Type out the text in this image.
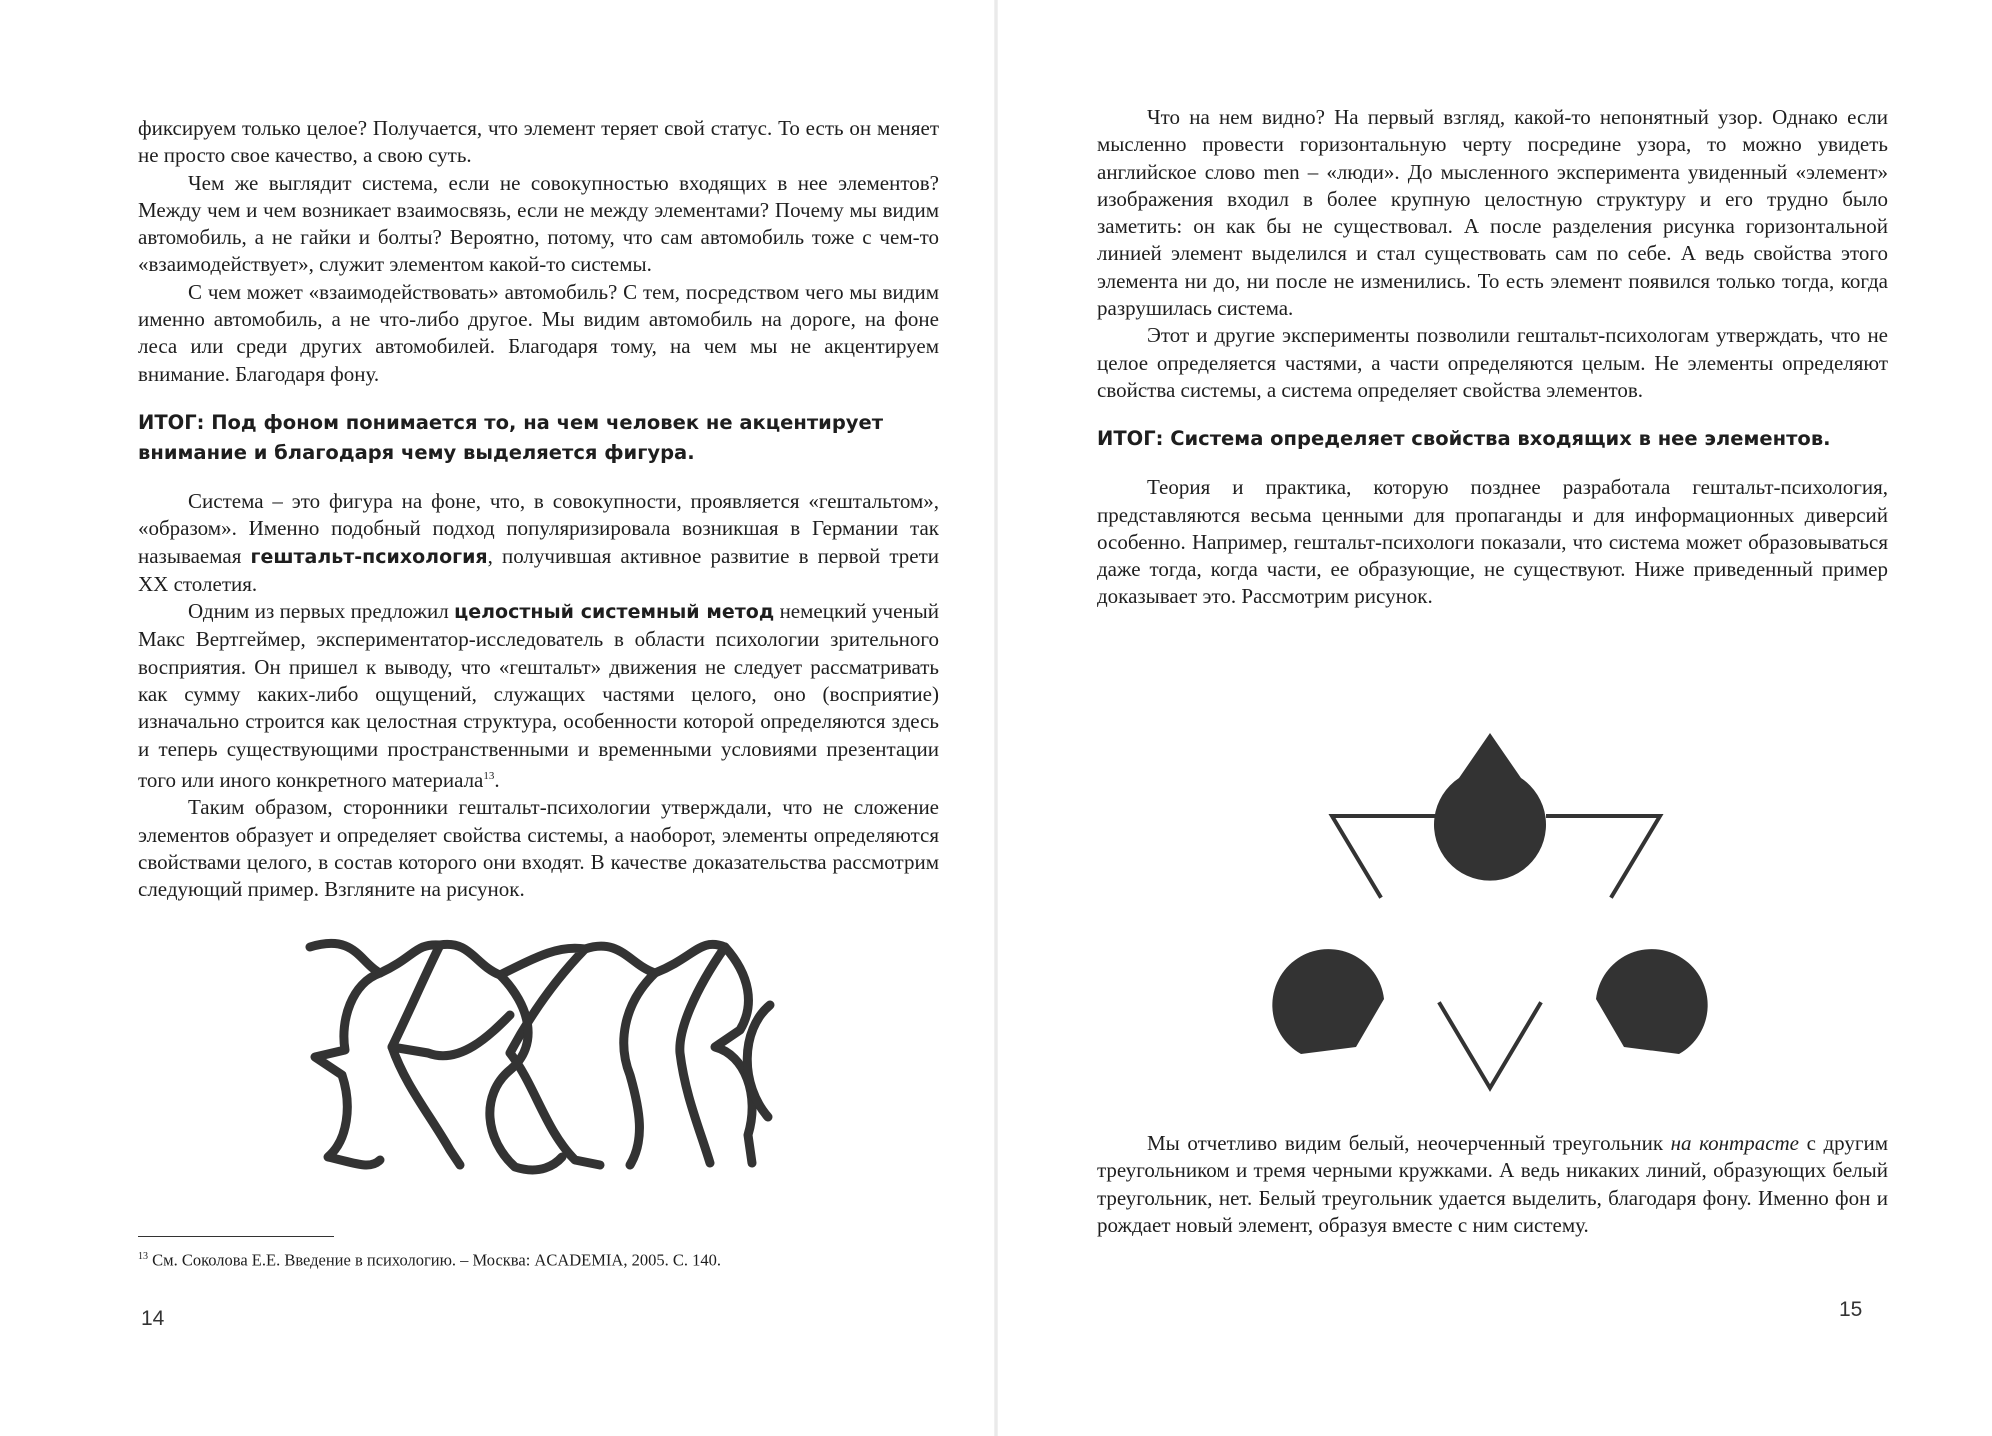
фиксируем только целое? Получается, что элемент теряет свой статус. То есть он меняет не просто свое качество, а свою суть.

Чем же выглядит система, если не совокупностью входящих в нее элементов? Между чем и чем возникает взаимосвязь, если не между элементами? Почему мы видим автомобиль, а не гайки и болты? Вероятно, потому, что сам автомобиль тоже с чем-то «взаимодействует», служит элементом какой-то системы.

С чем может «взаимодействовать» автомобиль? С тем, посредством чего мы видим именно автомобиль, а не что-либо другое. Мы видим автомобиль на дороге, на фоне леса или среди других автомобилей. Благодаря тому, на чем мы не акцентируем внимание. Благодаря фону.

ИТОГ: Под фоном понимается то, на чем человек не акцентирует внимание и благодаря чему выделяется фигура.

Система – это фигура на фоне, что, в совокупности, проявляется «гештальтом», «образом». Именно подобный подход популяризировала возникшая в Германии так называемая гештальт-психология, получившая активное развитие в первой трети XX столетия.

Одним из первых предложил целостный системный метод немецкий ученый Макс Вертгеймер, экспериментатор-исследователь в области психологии зрительного восприятия. Он пришел к выводу, что «гештальт» движения не следует рассматривать как сумму каких-либо ощущений, служащих частями целого, оно (восприятие) изначально строится как целостная структура, особенности которой определяются здесь и теперь существующими пространственными и временными условиями презентации того или иного конкретного материала$^{13}$.

Таким образом, сторонники гештальт-психологии утверждали, что не сложение элементов образует и определяет свойства системы, а наоборот, элементы определяются свойствами целого, в состав которого они входят. В качестве доказательства рассмотрим следующий пример. Взгляните на рисунок.

$^{13}$ См. Соколова Е.Е. Введение в психологию. – Москва: ACADEMIA, 2005. С. 140.
14

Что на нем видно? На первый взгляд, какой-то непонятный узор. Однако если мысленно провести горизонтальную черту посредине узора, то можно увидеть английское слово men – «люди». До мысленного эксперимента увиденный «элемент» изображения входил в более крупную целостную структуру и его трудно было заметить: он как бы не существовал. А после разделения рисунка горизонтальной линией элемент выделился и стал существовать сам по себе. А ведь свойства этого элемента ни до, ни после не изменились. То есть элемент появился только тогда, когда разрушилась система.

Этот и другие эксперименты позволили гештальт-психологам утверждать, что не целое определяется частями, а части определяются целым. Не элементы определяют свойства системы, а система определяет свойства элементов.

ИТОГ: Система определяет свойства входящих в нее элементов.

Теория и практика, которую позднее разработала гештальт-психология, представляются весьма ценными для пропаганды и для информационных диверсий особенно. Например, гештальт-психологи показали, что система может образовываться даже тогда, когда части, ее образующие, не существуют. Ниже приведенный пример доказывает это. Рассмотрим рисунок.

Мы отчетливо видим белый, неочерченный треугольник на контрасте с другим треугольником и тремя черными кружками. А ведь никаких линий, образующих белый треугольник, нет. Белый треугольник удается выделить, благодаря фону. Именно фон и рождает новый элемент, образуя вместе с ним систему.

15
